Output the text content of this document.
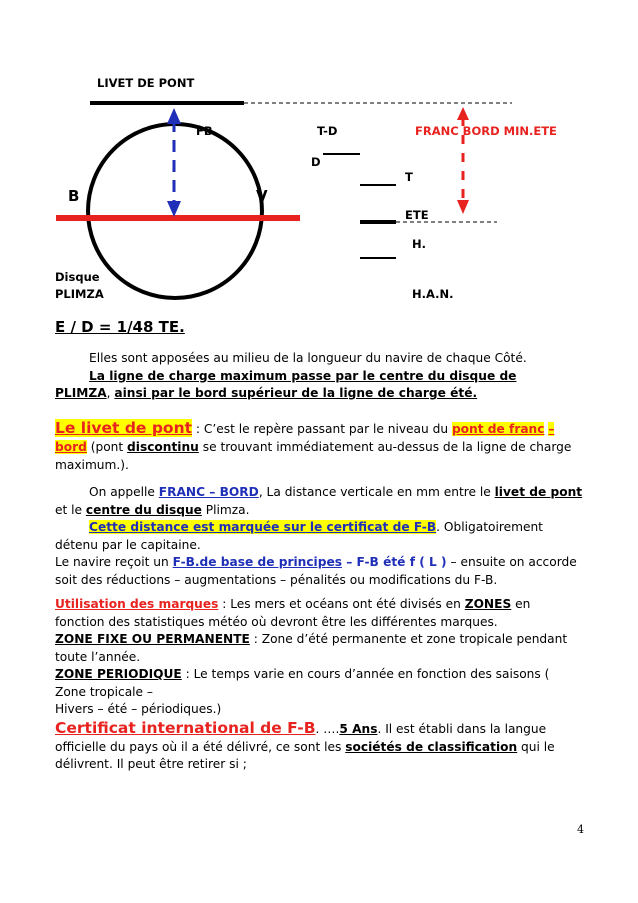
LIVET DE PONT
FB.	T-D	FRANC BORD MIN.ETE
D
T
B	V
ETE
H.
Disque
PLIMZA	H.A.N.
E / D = 1/48 TE.
Elles sont apposées au milieu de la longueur du navire de chaque Côté.
La ligne de charge maximum passe par le centre du disque de
PLIMZA, ainsi par le bord supérieur de la ligne de charge été.
Le livet de pont : C’est le repère passant par le niveau du pont de franc – bord (pont discontinu se trouvant immédiatement au-dessus de la ligne de charge maximum.).
On appelle FRANC – BORD, La distance verticale en mm entre le livet de pont et le centre du disque Plimza.
Cette distance est marquée sur le certificat de F-B. Obligatoirement détenu par le capitaine.
Le navire reçoit un F-B.de base de principes – F-B été f ( L ) – ensuite on accorde soit des réductions – augmentations – pénalités ou modifications du F-B.
Utilisation des marques : Les mers et océans ont été divisés en ZONES en fonction des statistiques météo où devront être les différentes marques.
ZONE FIXE OU PERMANENTE : Zone d’été permanente et zone tropicale pendant toute l’année.
ZONE PERIODIQUE : Le temps varie en cours d’année en fonction des saisons ( Zone tropicale –
Hivers – été – périodiques.)
Certificat international de F-B. ….5 Ans. Il est établi dans la langue officielle du pays où il a été délivré, ce sont les sociétés de classification qui le délivrent. Il peut être retirer si ;
4
